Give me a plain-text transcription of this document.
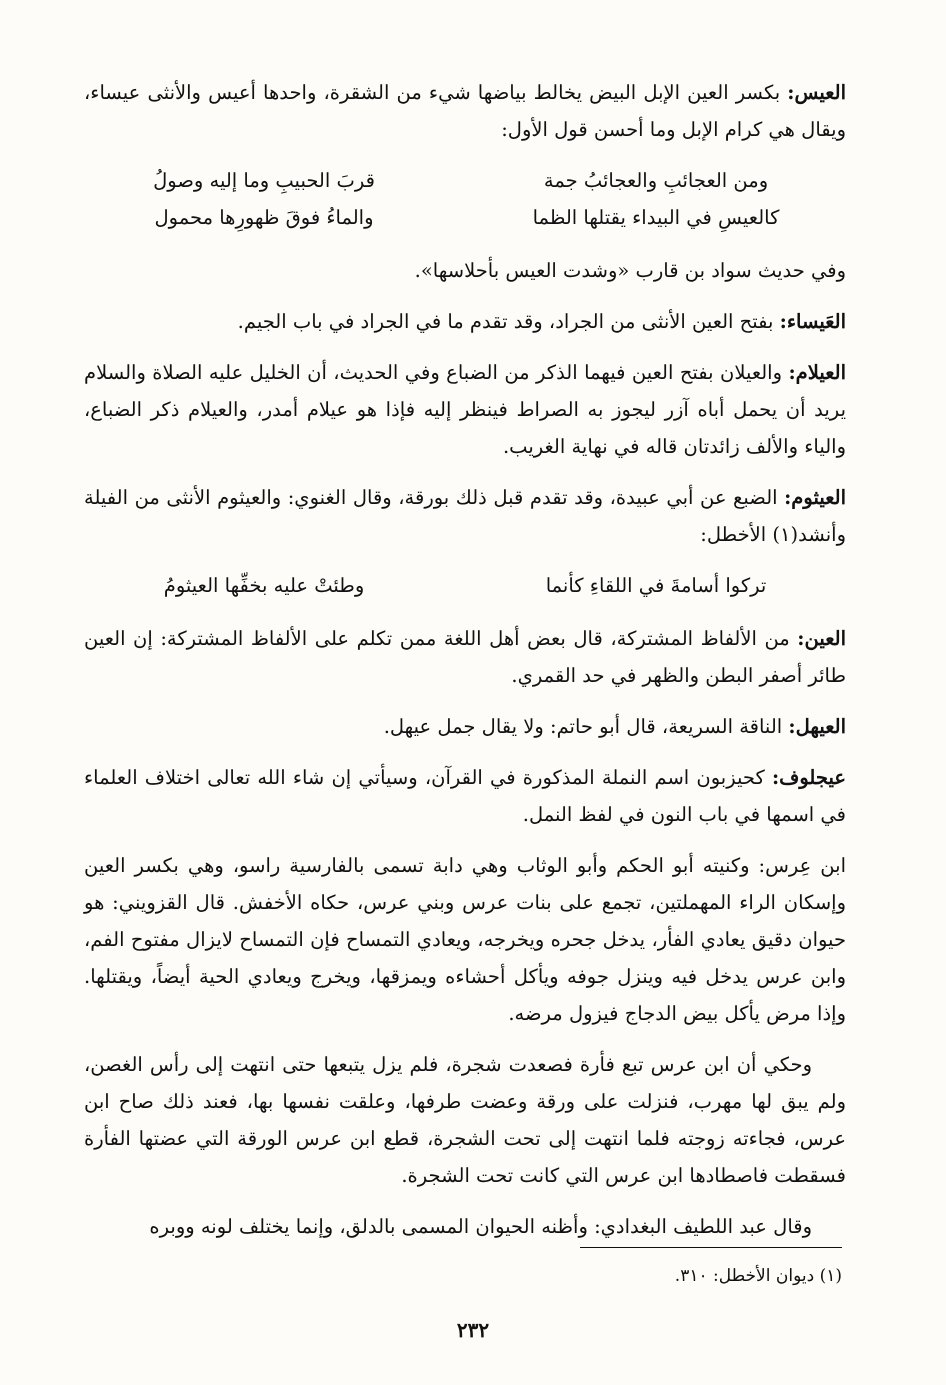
العيس: بكسر العين الإبل البيض يخالط بياضها شيء من الشقرة، واحدها أعيس والأنثى عيساء، ويقال هي كرام الإبل وما أحسن قول الأول:

ومن العجائبِ والعجائبُ جمة
قربَ الحبيبِ وما إليه وصولُ
كالعيسِ في البيداء يقتلها الظما
والماءُ فوقَ ظهورِها محمول

وفي حديث سواد بن قارب «وشدت العيس بأحلاسها».

العَيساء: بفتح العين الأنثى من الجراد، وقد تقدم ما في الجراد في باب الجيم.

العيلام: والعيلان بفتح العين فيهما الذكر من الضباع وفي الحديث، أن الخليل عليه الصلاة والسلام يريد أن يحمل أباه آزر ليجوز به الصراط فينظر إليه فإذا هو عيلام أمدر، والعيلام ذكر الضباع، والياء والألف زائدتان قاله في نهاية الغريب.

العيثوم: الضبع عن أبي عبيدة، وقد تقدم قبل ذلك بورقة، وقال الغنوي: والعيثوم الأنثى من الفيلة وأنشد(١) الأخطل:

تركوا أسامةَ في اللقاءِ كأنما
وطئتْ عليه بخفِّها العيثومُ

العين: من الألفاظ المشتركة، قال بعض أهل اللغة ممن تكلم على الألفاظ المشتركة: إن العين طائر أصفر البطن والظهر في حد القمري.

العيهل: الناقة السريعة، قال أبو حاتم: ولا يقال جمل عيهل.

عيجلوف: كحيزبون اسم النملة المذكورة في القرآن، وسيأتي إن شاء الله تعالى اختلاف العلماء في اسمها في باب النون في لفظ النمل.

ابن عِرس: وكنيته أبو الحكم وأبو الوثاب وهي دابة تسمى بالفارسية راسو، وهي بكسر العين وإسكان الراء المهملتين، تجمع على بنات عرس وبني عرس، حكاه الأخفش. قال القزويني: هو حيوان دقيق يعادي الفأر، يدخل جحره ويخرجه، ويعادي التمساح فإن التمساح لايزال مفتوح الفم، وابن عرس يدخل فيه وينزل جوفه ويأكل أحشاءه ويمزقها، ويخرج ويعادي الحية أيضاً، ويقتلها. وإذا مرض يأكل بيض الدجاج فيزول مرضه.

وحكي أن ابن عرس تبع فأرة فصعدت شجرة، فلم يزل يتبعها حتى انتهت إلى رأس الغصن، ولم يبق لها مهرب، فنزلت على ورقة وعضت طرفها، وعلقت نفسها بها، فعند ذلك صاح ابن عرس، فجاءته زوجته فلما انتهت إلى تحت الشجرة، قطع ابن عرس الورقة التي عضتها الفأرة فسقطت فاصطادها ابن عرس التي كانت تحت الشجرة.

وقال عبد اللطيف البغدادي: وأظنه الحيوان المسمى بالدلق، وإنما يختلف لونه ووبره

(١) ديوان الأخطل: ٣١٠.
٢٣٢
